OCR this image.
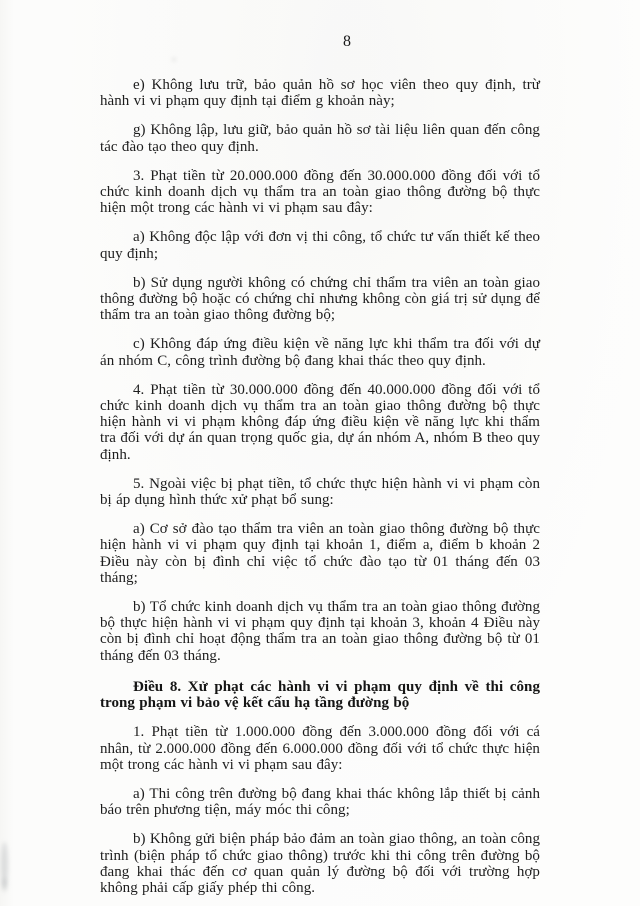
8

e) Không lưu trữ, bảo quản hồ sơ học viên theo quy định, trừ hành vi vi phạm quy định tại điểm g khoản này;

g) Không lập, lưu giữ, bảo quản hồ sơ tài liệu liên quan đến công tác đào tạo theo quy định.

3. Phạt tiền từ 20.000.000 đồng đến 30.000.000 đồng đối với tổ chức kinh doanh dịch vụ thẩm tra an toàn giao thông đường bộ thực hiện một trong các hành vi vi phạm sau đây:

a) Không độc lập với đơn vị thi công, tổ chức tư vấn thiết kế theo quy định;

b) Sử dụng người không có chứng chỉ thẩm tra viên an toàn giao thông đường bộ hoặc có chứng chỉ nhưng không còn giá trị sử dụng để thẩm tra an toàn giao thông đường bộ;

c) Không đáp ứng điều kiện về năng lực khi thẩm tra đối với dự án nhóm C, công trình đường bộ đang khai thác theo quy định.

4. Phạt tiền từ 30.000.000 đồng đến 40.000.000 đồng đối với tổ chức kinh doanh dịch vụ thẩm tra an toàn giao thông đường bộ thực hiện hành vi vi phạm không đáp ứng điều kiện về năng lực khi thẩm tra đối với dự án quan trọng quốc gia, dự án nhóm A, nhóm B theo quy định.

5. Ngoài việc bị phạt tiền, tổ chức thực hiện hành vi vi phạm còn bị áp dụng hình thức xử phạt bổ sung:

a) Cơ sở đào tạo thẩm tra viên an toàn giao thông đường bộ thực hiện hành vi vi phạm quy định tại khoản 1, điểm a, điểm b khoản 2 Điều này còn bị đình chỉ việc tổ chức đào tạo từ 01 tháng đến 03 tháng;

b) Tổ chức kinh doanh dịch vụ thẩm tra an toàn giao thông đường bộ thực hiện hành vi vi phạm quy định tại khoản 3, khoản 4 Điều này còn bị đình chỉ hoạt động thẩm tra an toàn giao thông đường bộ từ 01 tháng đến 03 tháng.

Điều 8. Xử phạt các hành vi vi phạm quy định về thi công trong phạm vi bảo vệ kết cấu hạ tầng đường bộ

1. Phạt tiền từ 1.000.000 đồng đến 3.000.000 đồng đối với cá nhân, từ 2.000.000 đồng đến 6.000.000 đồng đối với tổ chức thực hiện một trong các hành vi vi phạm sau đây:

a) Thi công trên đường bộ đang khai thác không lắp thiết bị cảnh báo trên phương tiện, máy móc thi công;

b) Không gửi biện pháp bảo đảm an toàn giao thông, an toàn công trình (biện pháp tổ chức giao thông) trước khi thi công trên đường bộ đang khai thác đến cơ quan quản lý đường bộ đối với trường hợp không phải cấp giấy phép thi công.
